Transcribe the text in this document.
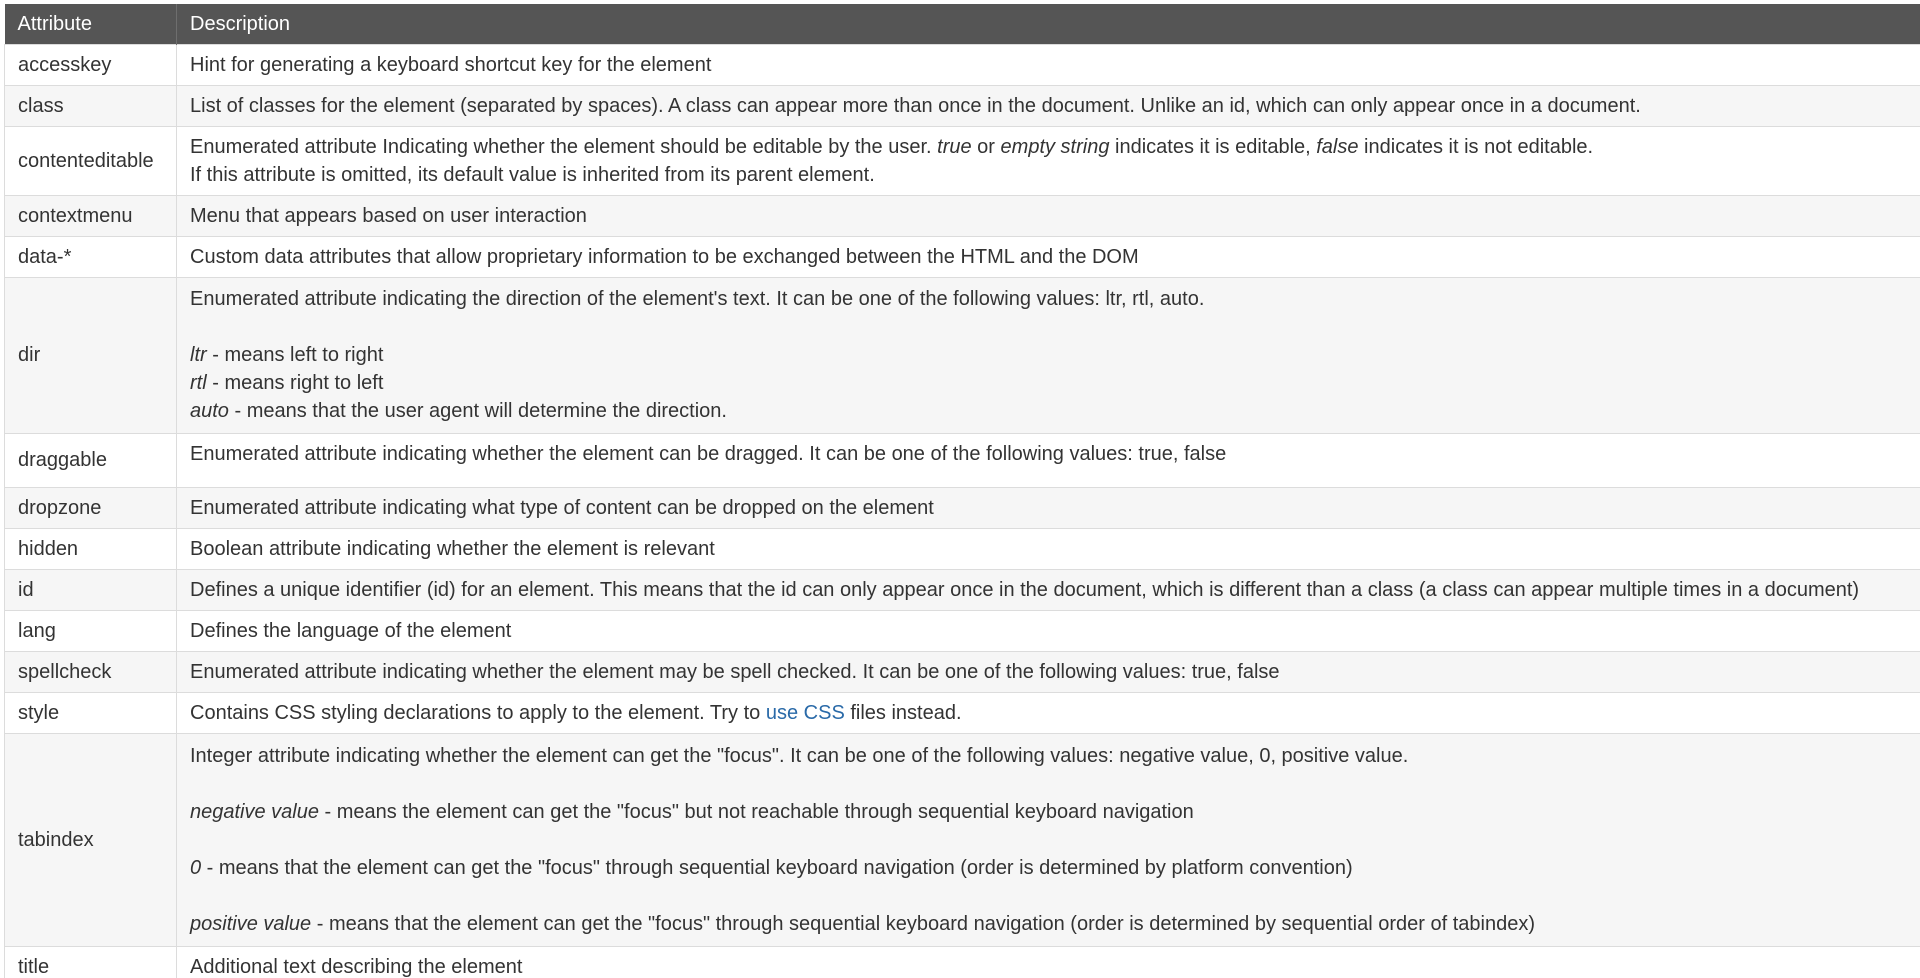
Attribute	Description
accesskey	Hint for generating a keyboard shortcut key for the element
class	List of classes for the element (separated by spaces). A class can appear more than once in the document. Unlike an id, which can only appear once in a document.
contenteditable	Enumerated attribute Indicating whether the element should be editable by the user. true or empty string indicates it is editable, false indicates it is not editable.
If this attribute is omitted, its default value is inherited from its parent element.

contextmenu	Menu that appears based on user interaction
data-*	Custom data attributes that allow proprietary information to be exchanged between the HTML and the DOM
dir	Enumerated attribute indicating the direction of the element's text. It can be one of the following values: ltr, rtl, auto.
ltr - means left to right
rtl - means right to left
auto - means that the user agent will determine the direction.

draggable	Enumerated attribute indicating whether the element can be dragged. It can be one of the following values: true, false
dropzone	Enumerated attribute indicating what type of content can be dropped on the element
hidden	Boolean attribute indicating whether the element is relevant
id	Defines a unique identifier (id) for an element. This means that the id can only appear once in the document, which is different than a class (a class can appear multiple times in a document)
lang	Defines the language of the element
spellcheck	Enumerated attribute indicating whether the element may be spell checked. It can be one of the following values: true, false
style	Contains CSS styling declarations to apply to the element. Try to use CSS files instead.
tabindex	Integer attribute indicating whether the element can get the "focus". It can be one of the following values: negative value, 0, positive value.
negative value - means the element can get the "focus" but not reachable through sequential keyboard navigation
0 - means that the element can get the "focus" through sequential keyboard navigation (order is determined by platform convention)
positive value - means that the element can get the "focus" through sequential keyboard navigation (order is determined by sequential order of tabindex)

title	Additional text describing the element
